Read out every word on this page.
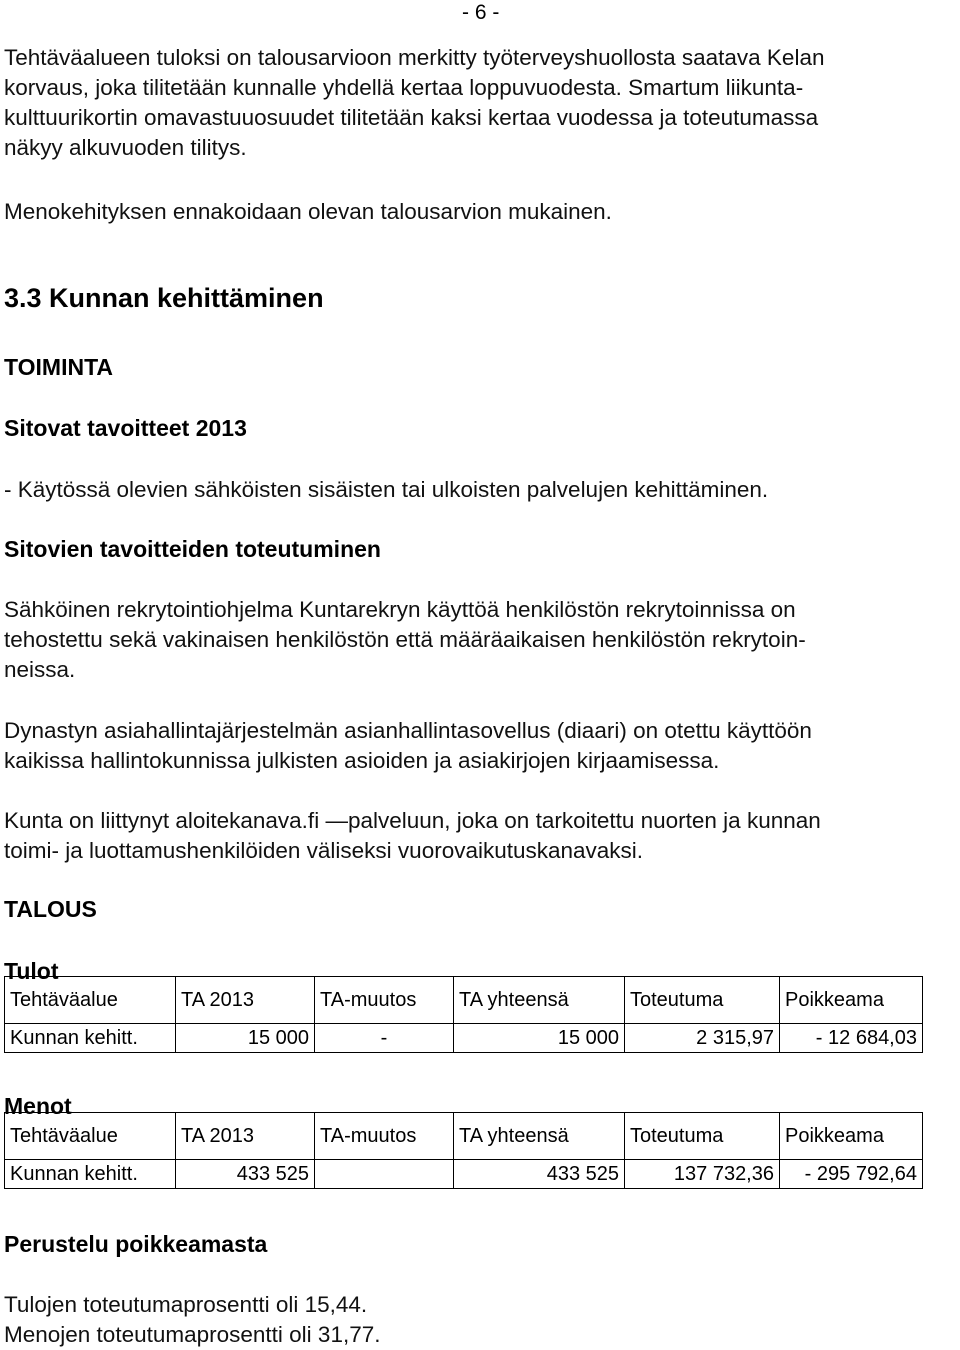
- 6 -
Tehtäväalueen tuloksi on talousarvioon merkitty työterveyshuollosta saatava Kelan
korvaus, joka tilitetään kunnalle yhdellä kertaa loppuvuodesta. Smartum liikunta-
kulttuurikortin omavastuuosuudet tilitetään kaksi kertaa vuodessa ja toteutumassa
näkyy alkuvuoden tilitys.
Menokehityksen ennakoidaan olevan talousarvion mukainen.
3.3 Kunnan kehittäminen
TOIMINTA
Sitovat tavoitteet 2013
- Käytössä olevien sähköisten sisäisten tai ulkoisten palvelujen kehittäminen.
Sitovien tavoitteiden toteutuminen
Sähköinen rekrytointiohjelma Kuntarekryn käyttöä henkilöstön rekrytoinnissa on
tehostettu sekä vakinaisen henkilöstön että määräaikaisen henkilöstön rekrytoin-
neissa.
Dynastyn asiahallintajärjestelmän asianhallintasovellus (diaari) on otettu käyttöön
kaikissa hallintokunnissa julkisten asioiden ja asiakirjojen kirjaamisessa.
Kunta on liittynyt aloitekanava.fi —palveluun, joka on tarkoitettu nuorten ja kunnan
toimi- ja luottamushenkilöiden väliseksi vuorovaikutuskanavaksi.
TALOUS
Tulot
Tehtäväalue	TA 2013	TA-muutos	TA yhteensä	Toteutuma	Poikkeama
Kunnan kehitt.	15 000	-	15 000	2 315,97	- 12 684,03
Menot
Tehtäväalue	TA 2013	TA-muutos	TA yhteensä	Toteutuma	Poikkeama
Kunnan kehitt.	433 525		433 525	137 732,36	- 295 792,64
Perustelu poikkeamasta
Tulojen toteutumaprosentti oli 15,44.
Menojen toteutumaprosentti oli 31,77.
